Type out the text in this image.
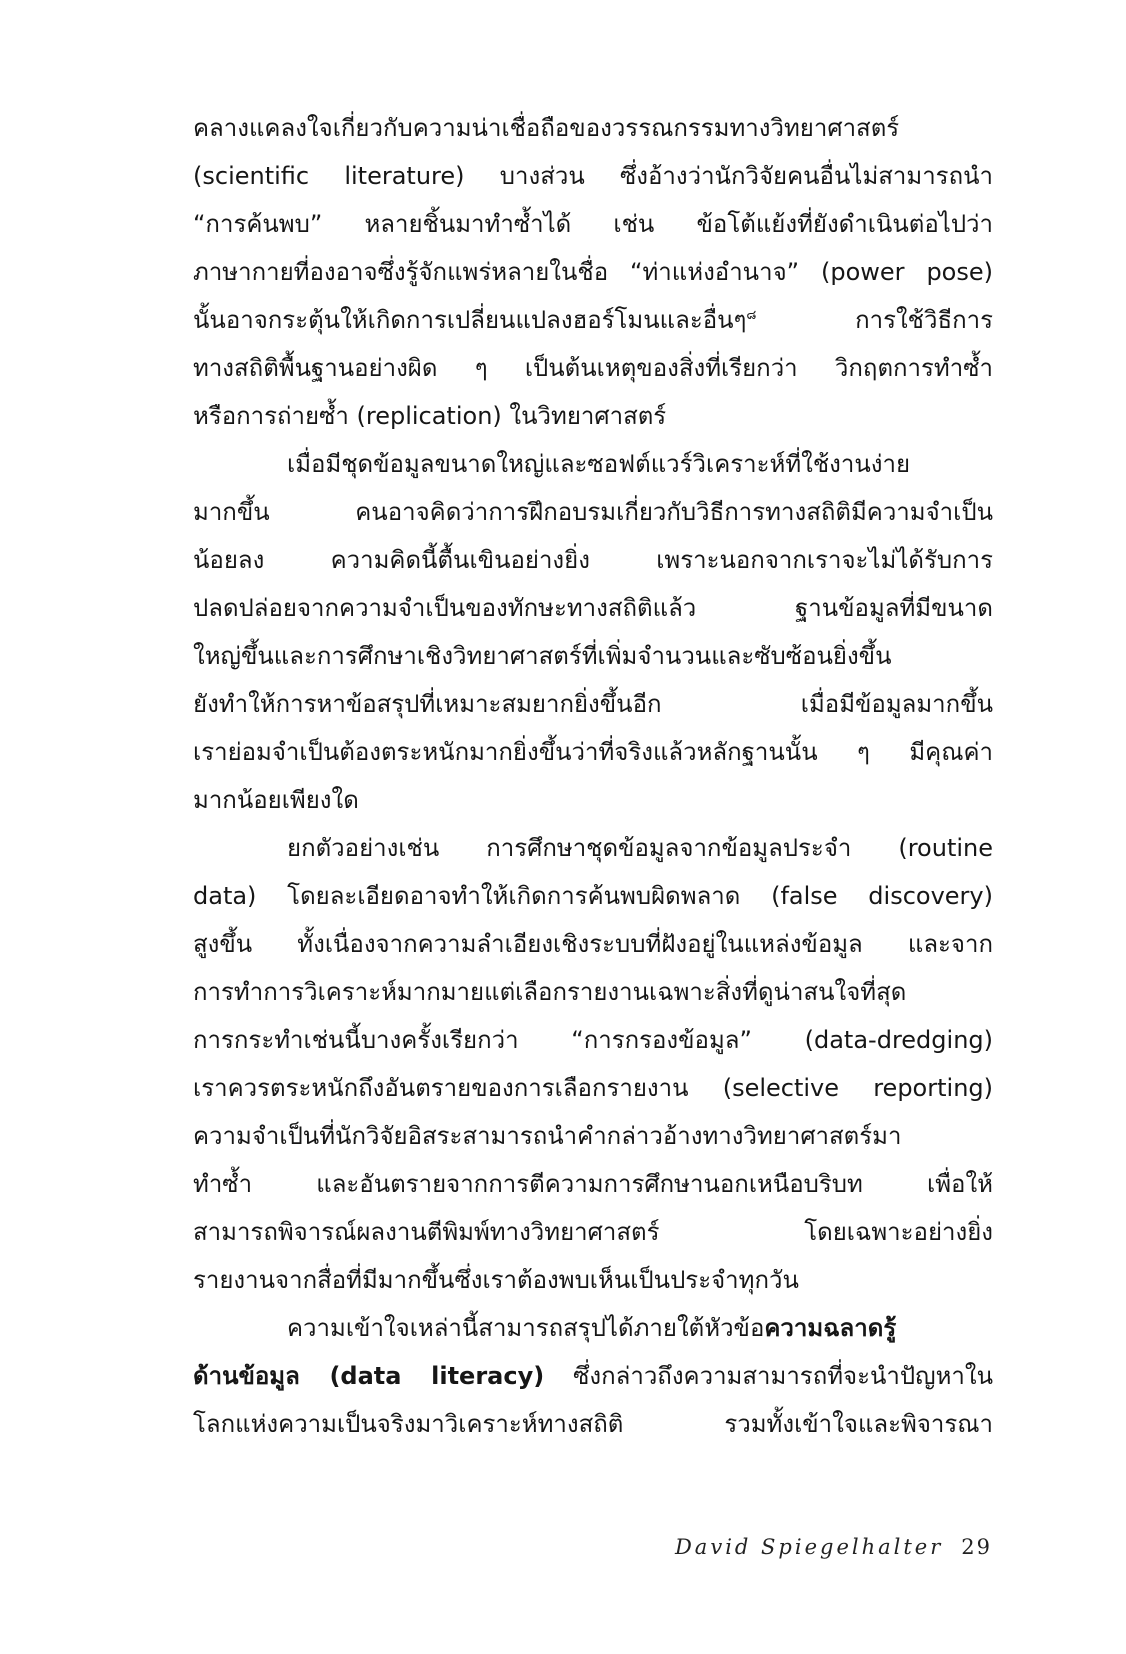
คลางแคลงใจเกี่ยวกับความน่าเชื่อถือของวรรณกรรมทางวิทยาศาสตร์
(scientific literature) บางส่วน ซึ่งอ้างว่านักวิจัยคนอื่นไม่สามารถนำ
“การค้นพบ” หลายชิ้นมาทำซ้ำได้ เช่น ข้อโต้แย้งที่ยังดำเนินต่อไปว่า
ภาษากายที่องอาจซึ่งรู้จักแพร่หลายในชื่อ “ท่าแห่งอำนาจ” (power pose)
นั้นอาจกระตุ้นให้เกิดการเปลี่ยนแปลงฮอร์โมนและอื่นๆ$^๘$ การใช้วิธีการ
ทางสถิติพื้นฐานอย่างผิด ๆ เป็นต้นเหตุของสิ่งที่เรียกว่า วิกฤตการทำซ้ำ
หรือการถ่ายซ้ำ (replication) ในวิทยาศาสตร์
เมื่อมีชุดข้อมูลขนาดใหญ่และซอฟต์แวร์วิเคราะห์ที่ใช้งานง่าย
มากขึ้น คนอาจคิดว่าการฝึกอบรมเกี่ยวกับวิธีการทางสถิติมีความจำเป็น
น้อยลง ความคิดนี้ตื้นเขินอย่างยิ่ง เพราะนอกจากเราจะไม่ได้รับการ
ปลดปล่อยจากความจำเป็นของทักษะทางสถิติแล้ว ฐานข้อมูลที่มีขนาด
ใหญ่ขึ้นและการศึกษาเชิงวิทยาศาสตร์ที่เพิ่มจำนวนและซับซ้อนยิ่งขึ้น
ยังทำให้การหาข้อสรุปที่เหมาะสมยากยิ่งขึ้นอีก เมื่อมีข้อมูลมากขึ้น
เราย่อมจำเป็นต้องตระหนักมากยิ่งขึ้นว่าที่จริงแล้วหลักฐานนั้น ๆ มีคุณค่า
มากน้อยเพียงใด
ยกตัวอย่างเช่น การศึกษาชุดข้อมูลจากข้อมูลประจำ (routine
data) โดยละเอียดอาจทำให้เกิดการค้นพบผิดพลาด (false discovery)
สูงขึ้น ทั้งเนื่องจากความลำเอียงเชิงระบบที่ฝังอยู่ในแหล่งข้อมูล และจาก
การทำการวิเคราะห์มากมายแต่เลือกรายงานเฉพาะสิ่งที่ดูน่าสนใจที่สุด
การกระทำเช่นนี้บางครั้งเรียกว่า “การกรองข้อมูล” (data-dredging)
เราควรตระหนักถึงอันตรายของการเลือกรายงาน (selective reporting)
ความจำเป็นที่นักวิจัยอิสระสามารถนำคำกล่าวอ้างทางวิทยาศาสตร์มา
ทำซ้ำ และอันตรายจากการตีความการศึกษานอกเหนือบริบท เพื่อให้
สามารถพิจารณ์ผลงานตีพิมพ์ทางวิทยาศาสตร์ โดยเฉพาะอย่างยิ่ง
รายงานจากสื่อที่มีมากขึ้นซึ่งเราต้องพบเห็นเป็นประจำทุกวัน
ความเข้าใจเหล่านี้สามารถสรุปได้ภายใต้หัวข้อความฉลาดรู้
ด้านข้อมูล (data literacy) ซึ่งกล่าวถึงความสามารถที่จะนำปัญหาใน
โลกแห่งความเป็นจริงมาวิเคราะห์ทางสถิติ รวมทั้งเข้าใจและพิจารณา
David Spiegelhalter 29
